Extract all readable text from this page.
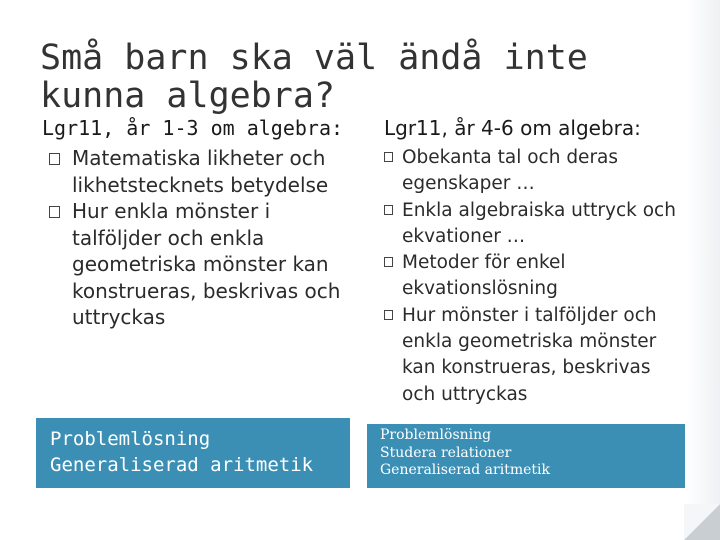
Små barn ska väl ändå inte kunna algebra?
Lgr11, år 1-3 om algebra:
Matematiska likheter och likhetstecknets betydelse
Hur enkla mönster i talföljder och enkla geometriska mönster kan konstrueras, beskrivas och uttryckas
Lgr11, år 4-6 om algebra:
Obekanta tal och deras egenskaper …
Enkla algebraiska uttryck och ekvationer …
Metoder för enkel ekvationslösning
Hur mönster i talföljder och enkla geometriska mönster kan konstrueras, beskrivas och uttryckas
Problemlösning
Generaliserad aritmetik
Problemlösning
Studera relationer
Generaliserad aritmetik
